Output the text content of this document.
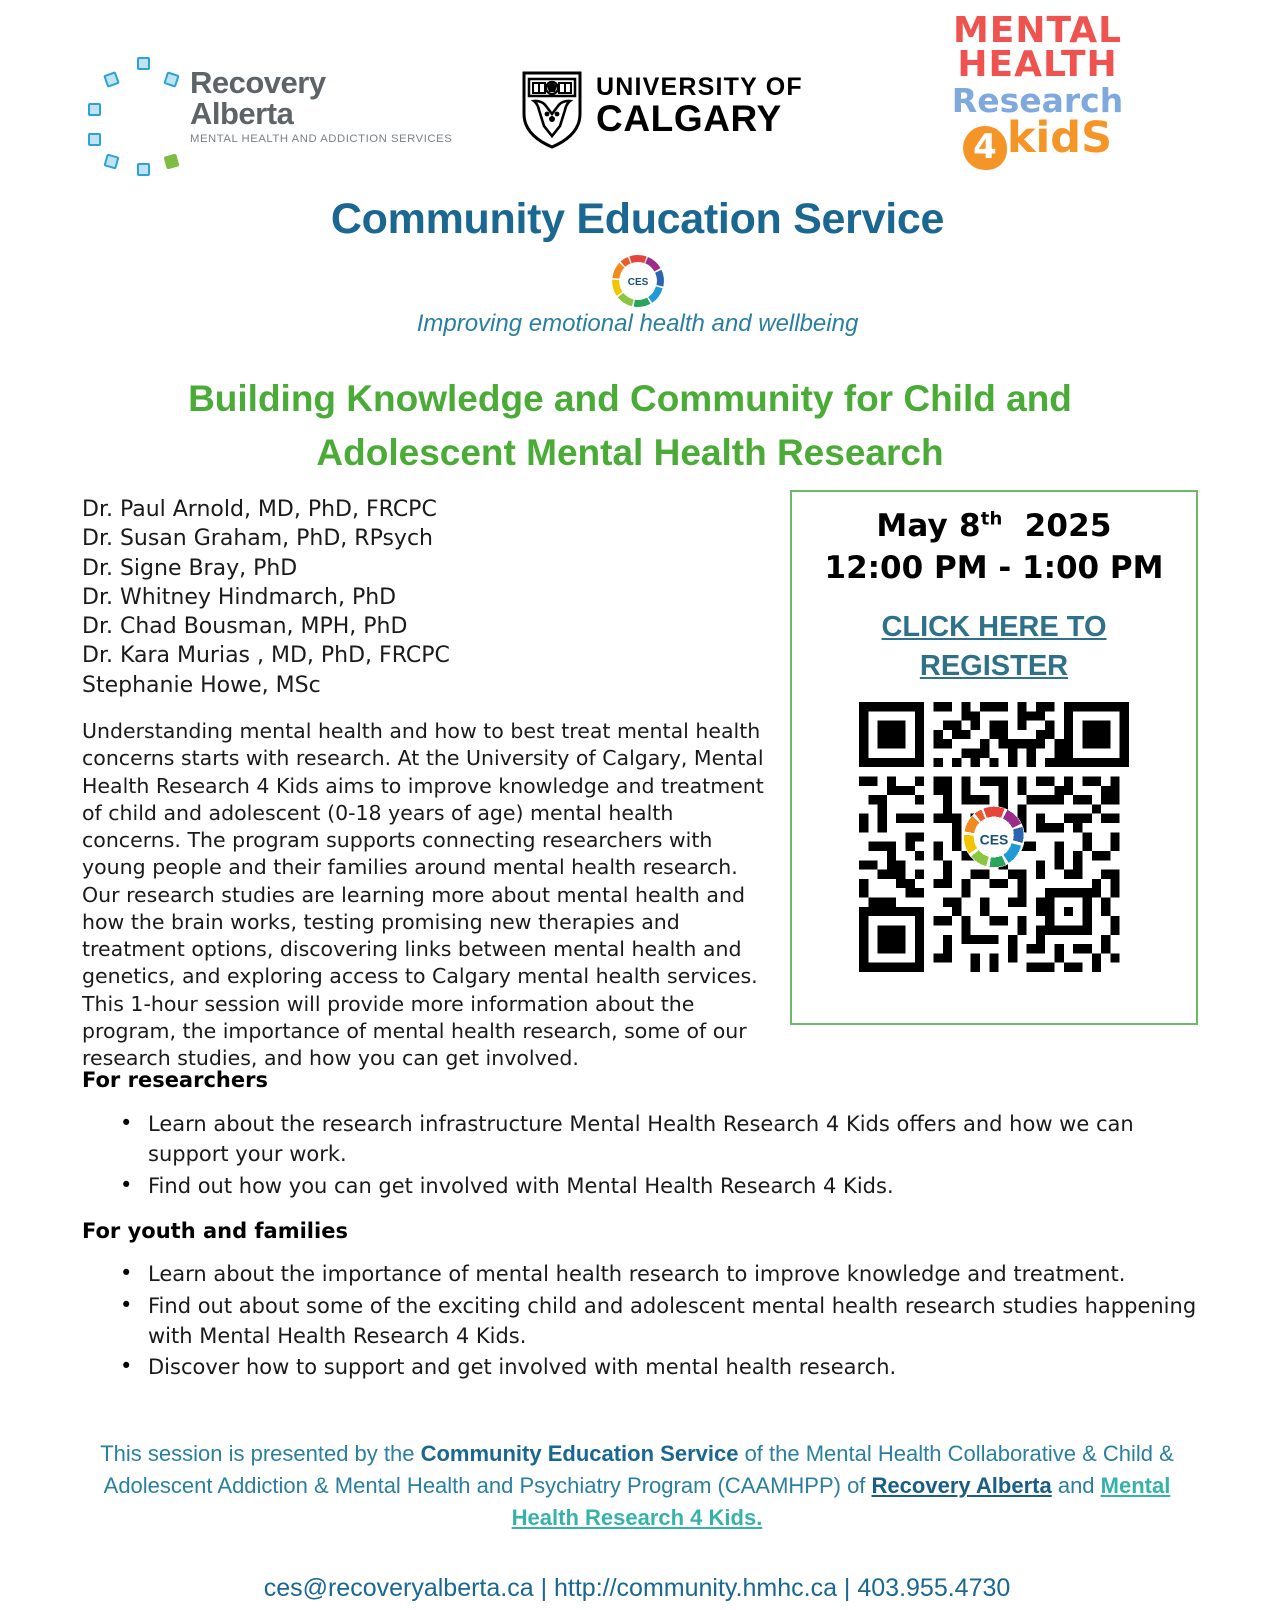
Recovery Alberta
MENTAL HEALTH AND ADDICTION SERVICES
UNIVERSITY OF
CALGARY
MENTAL
HEALTH
Research
4 kidS
Community Education Service
CES
Improving emotional health and wellbeing
Building Knowledge and Community for Child and Adolescent Mental Health Research
Dr. Paul Arnold, MD, PhD, FRCPC
Dr. Susan Graham, PhD, RPsych
Dr. Signe Bray, PhD
Dr. Whitney Hindmarch, PhD
Dr. Chad Bousman, MPH, PhD
Dr. Kara Murias , MD, PhD, FRCPC
Stephanie Howe, MSc
Understanding mental health and how to best treat mental health concerns starts with research. At the University of Calgary, Mental Health Research 4 Kids aims to improve knowledge and treatment of child and adolescent (0-18 years of age) mental health concerns. The program supports connecting researchers with young people and their families around mental health research. Our research studies are learning more about mental health and how the brain works, testing promising new therapies and treatment options, discovering links between mental health and genetics, and exploring access to Calgary mental health services. This 1-hour session will provide more information about the program, the importance of mental health research, some of our research studies, and how you can get involved.
May 8th 2025
12:00 PM - 1:00 PM
CLICK HERE TO
REGISTER
CES
For researchers
• Learn about the research infrastructure Mental Health Research 4 Kids offers and how we can support your work.
• Find out how you can get involved with Mental Health Research 4 Kids.
For youth and families
• Learn about the importance of mental health research to improve knowledge and treatment.
• Find out about some of the exciting child and adolescent mental health research studies happening with Mental Health Research 4 Kids.
• Discover how to support and get involved with mental health research.
This session is presented by the Community Education Service of the Mental Health Collaborative & Child & Adolescent Addiction & Mental Health and Psychiatry Program (CAAMHPP) of Recovery Alberta and Mental Health Research 4 Kids.
ces@recoveryalberta.ca | http://community.hmhc.ca | 403.955.4730
